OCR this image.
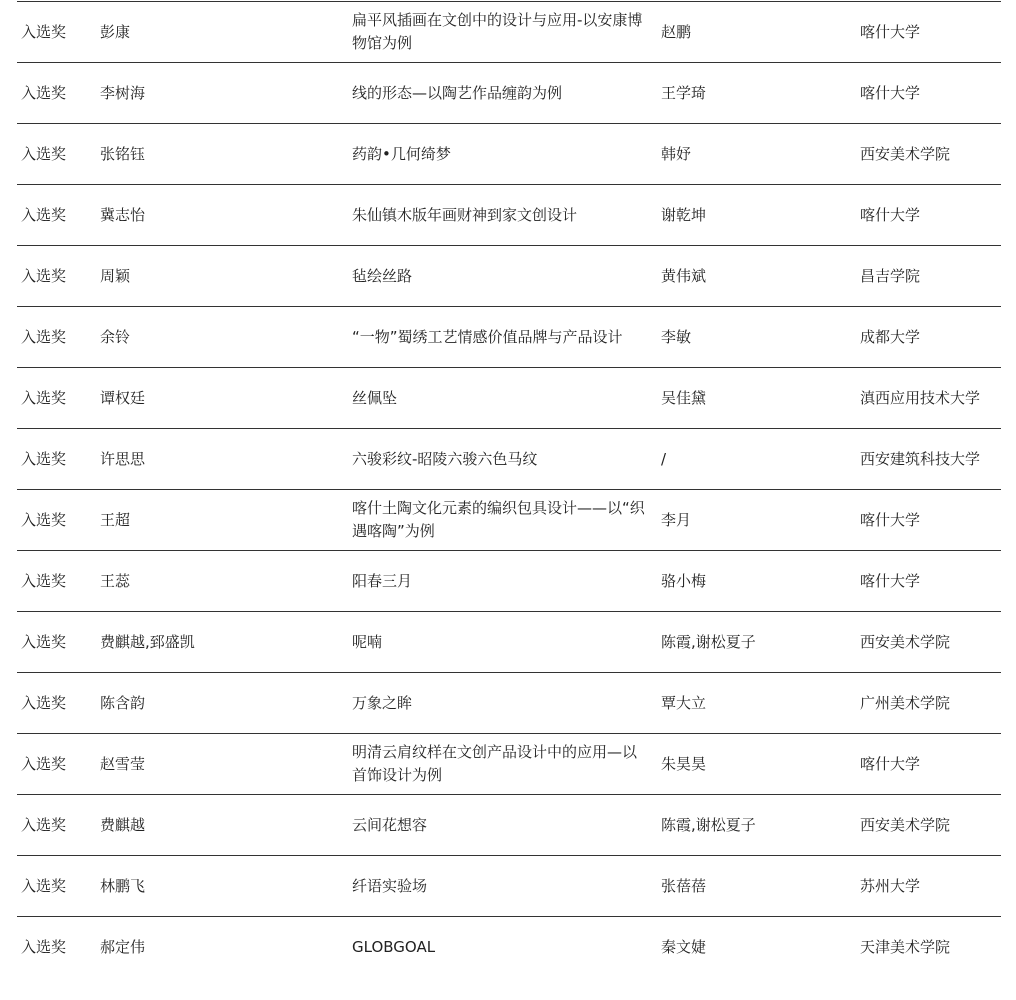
入选奖	彭康	扁平风插画在文创中的设计与应用-以安康博物馆为例	赵鹏	喀什大学
入选奖	李树海	线的形态—以陶艺作品缠韵为例	王学琦	喀什大学
入选奖	张铭钰	药韵•几何绮梦	韩妤	西安美术学院
入选奖	冀志怡	朱仙镇木版年画财神到家文创设计	谢乾坤	喀什大学
入选奖	周颖	毡绘丝路	黄伟斌	昌吉学院
入选奖	余铃	“一物”蜀绣工艺情感价值品牌与产品设计	李敏	成都大学
入选奖	谭权廷	丝佩坠	吴佳黛	滇西应用技术大学
入选奖	许思思	六骏彩纹-昭陵六骏六色马纹	/	西安建筑科技大学
入选奖	王超	喀什土陶文化元素的编织包具设计——以“织遇喀陶”为例	李月	喀什大学
入选奖	王蕊	阳春三月	骆小梅	喀什大学
入选奖	费麒越,郅盛凯	呢喃	陈霞,谢松夏子	西安美术学院
入选奖	陈含韵	万象之眸	覃大立	广州美术学院
入选奖	赵雪莹	明清云肩纹样在文创产品设计中的应用—以首饰设计为例	朱昊昊	喀什大学
入选奖	费麒越	云间花想容	陈霞,谢松夏子	西安美术学院
入选奖	林鹏飞	纤语实验场	张蓓蓓	苏州大学
入选奖	郝定伟	GLOBGOAL	秦文婕	天津美术学院
